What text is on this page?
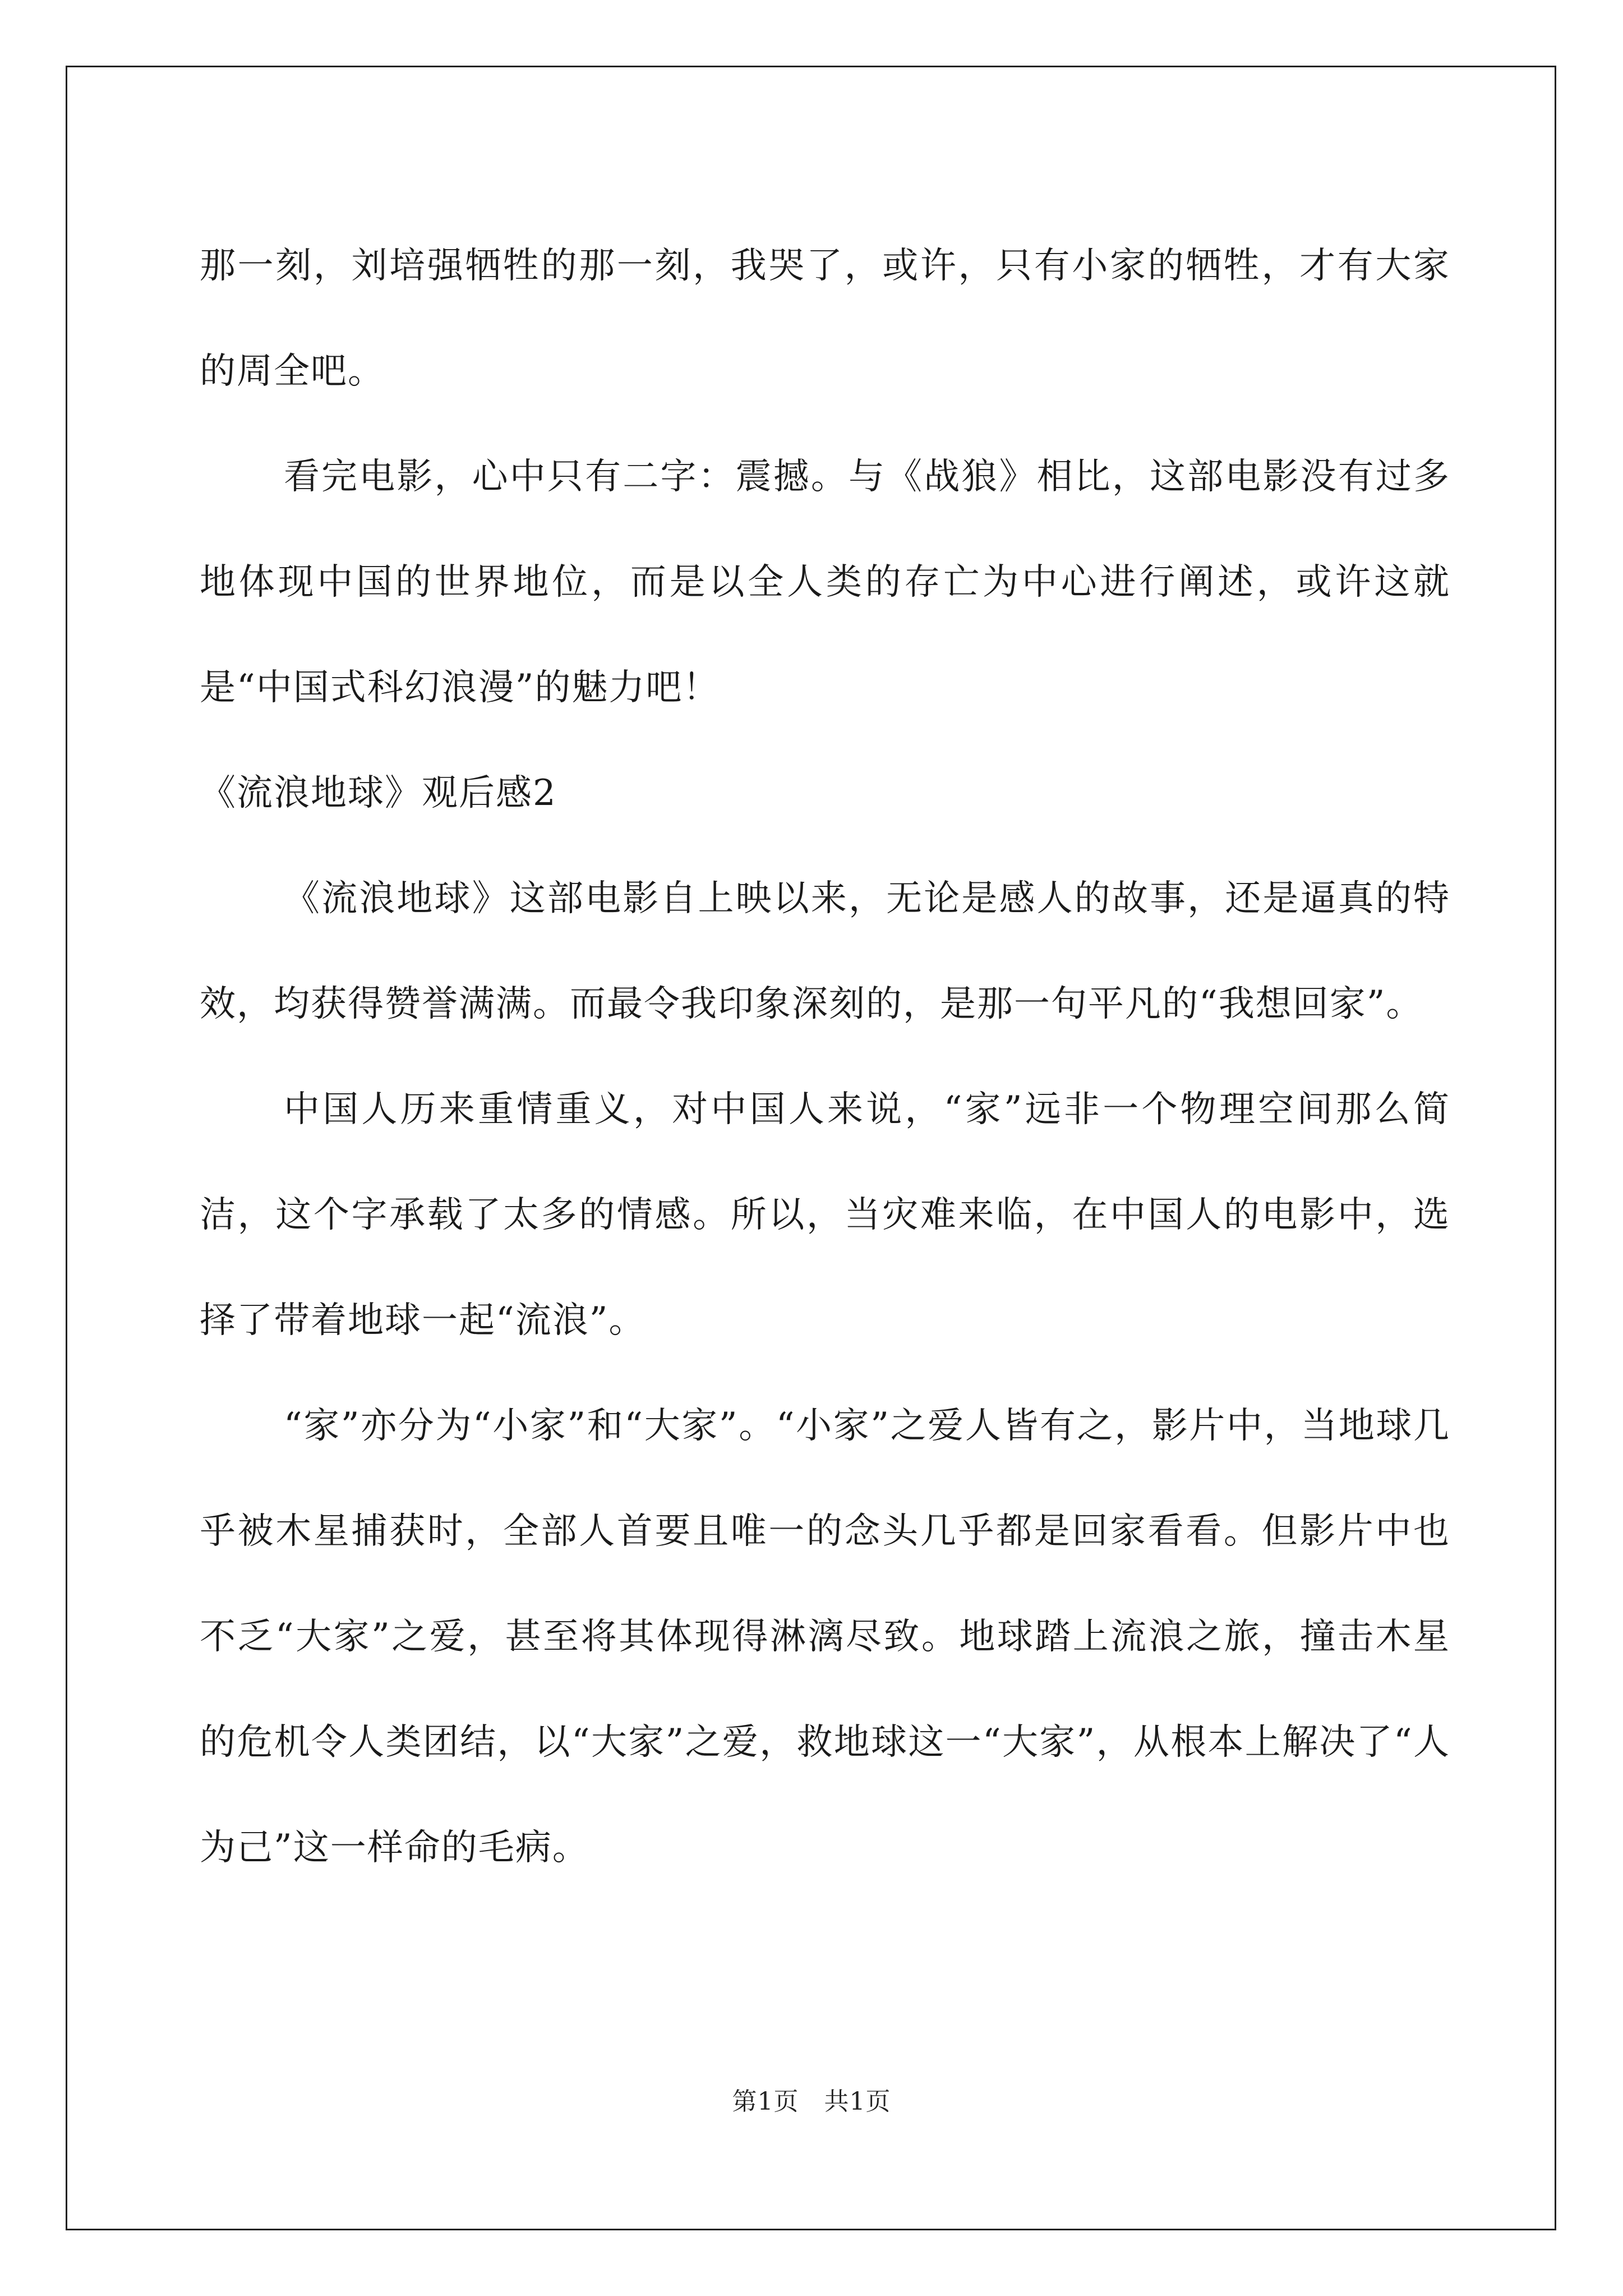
那一刻，刘培强牺牲的那一刻，我哭了，或许，只有小家的牺牲，才有大家的周全吧。

看完电影，心中只有二字：震撼。与《战狼》相比，这部电影没有过多地体现中国的世界地位，而是以全人类的存亡为中心进行阐述，或许这就是“中国式科幻浪漫”的魅力吧！

《流浪地球》观后感2

《流浪地球》这部电影自上映以来，无论是感人的故事，还是逼真的特效，均获得赞誉满满。而最令我印象深刻的，是那一句平凡的“我想回家”。

中国人历来重情重义，对中国人来说，“家”远非一个物理空间那么简洁，这个字承载了太多的情感。所以，当灾难来临，在中国人的电影中，选择了带着地球一起“流浪”。

“家”亦分为“小家”和“大家”。“小家”之爱人皆有之，影片中，当地球几乎被木星捕获时，全部人首要且唯一的念头几乎都是回家看看。但影片中也不乏“大家”之爱，甚至将其体现得淋漓尽致。地球踏上流浪之旅，撞击木星的危机令人类团结，以“大家”之爱，救地球这一“大家”，从根本上解决了“人为己”这一样命的毛病。

第1页　共1页
